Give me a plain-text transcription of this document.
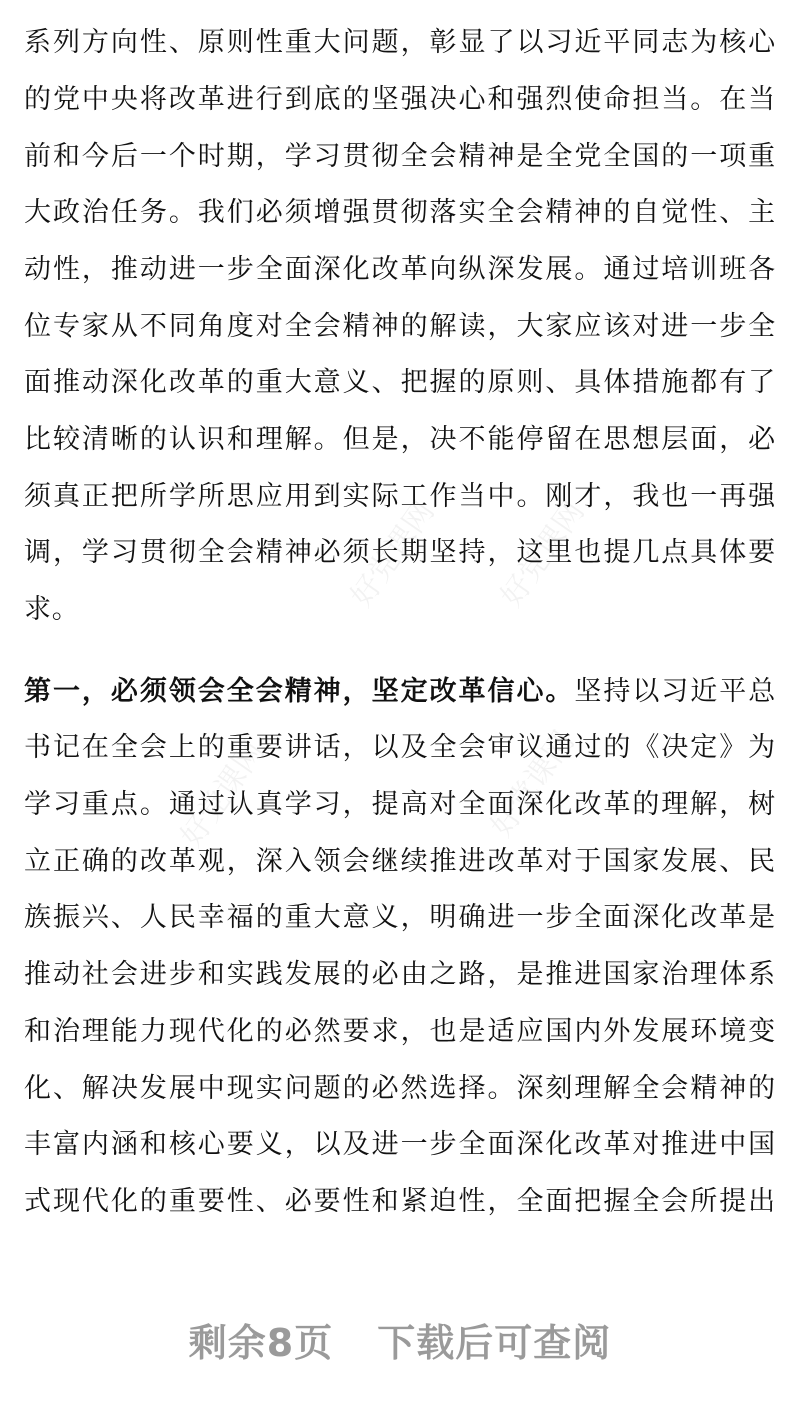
好党课网 好党课网
好党课网	好党课网
系列方向性、原则性重大问题，彰显了以习近平同志为核心
的党中央将改革进行到底的坚强决心和强烈使命担当。在当
前和今后一个时期，学习贯彻全会精神是全党全国的一项重
大政治任务。我们必须增强贯彻落实全会精神的自觉性、主
动性，推动进一步全面深化改革向纵深发展。通过培训班各
位专家从不同角度对全会精神的解读，大家应该对进一步全
面推动深化改革的重大意义、把握的原则、具体措施都有了
比较清晰的认识和理解。但是，决不能停留在思想层面，必
须真正把所学所思应用到实际工作当中。刚才，我也一再强
调，学习贯彻全会精神必须长期坚持，这里也提几点具体要
求。
第一，必须领会全会精神，坚定改革信心。坚持以习近平总
书记在全会上的重要讲话，以及全会审议通过的《决定》为
学习重点。通过认真学习，提高对全面深化改革的理解，树
立正确的改革观，深入领会继续推进改革对于国家发展、民
族振兴、人民幸福的重大意义，明确进一步全面深化改革是
推动社会进步和实践发展的必由之路，是推进国家治理体系
和治理能力现代化的必然要求，也是适应国内外发展环境变
化、解决发展中现实问题的必然选择。深刻理解全会精神的
丰富内涵和核心要义，以及进一步全面深化改革对推进中国
式现代化的重要性、必要性和紧迫性，全面把握全会所提出
剩余8页 下载后可查阅
